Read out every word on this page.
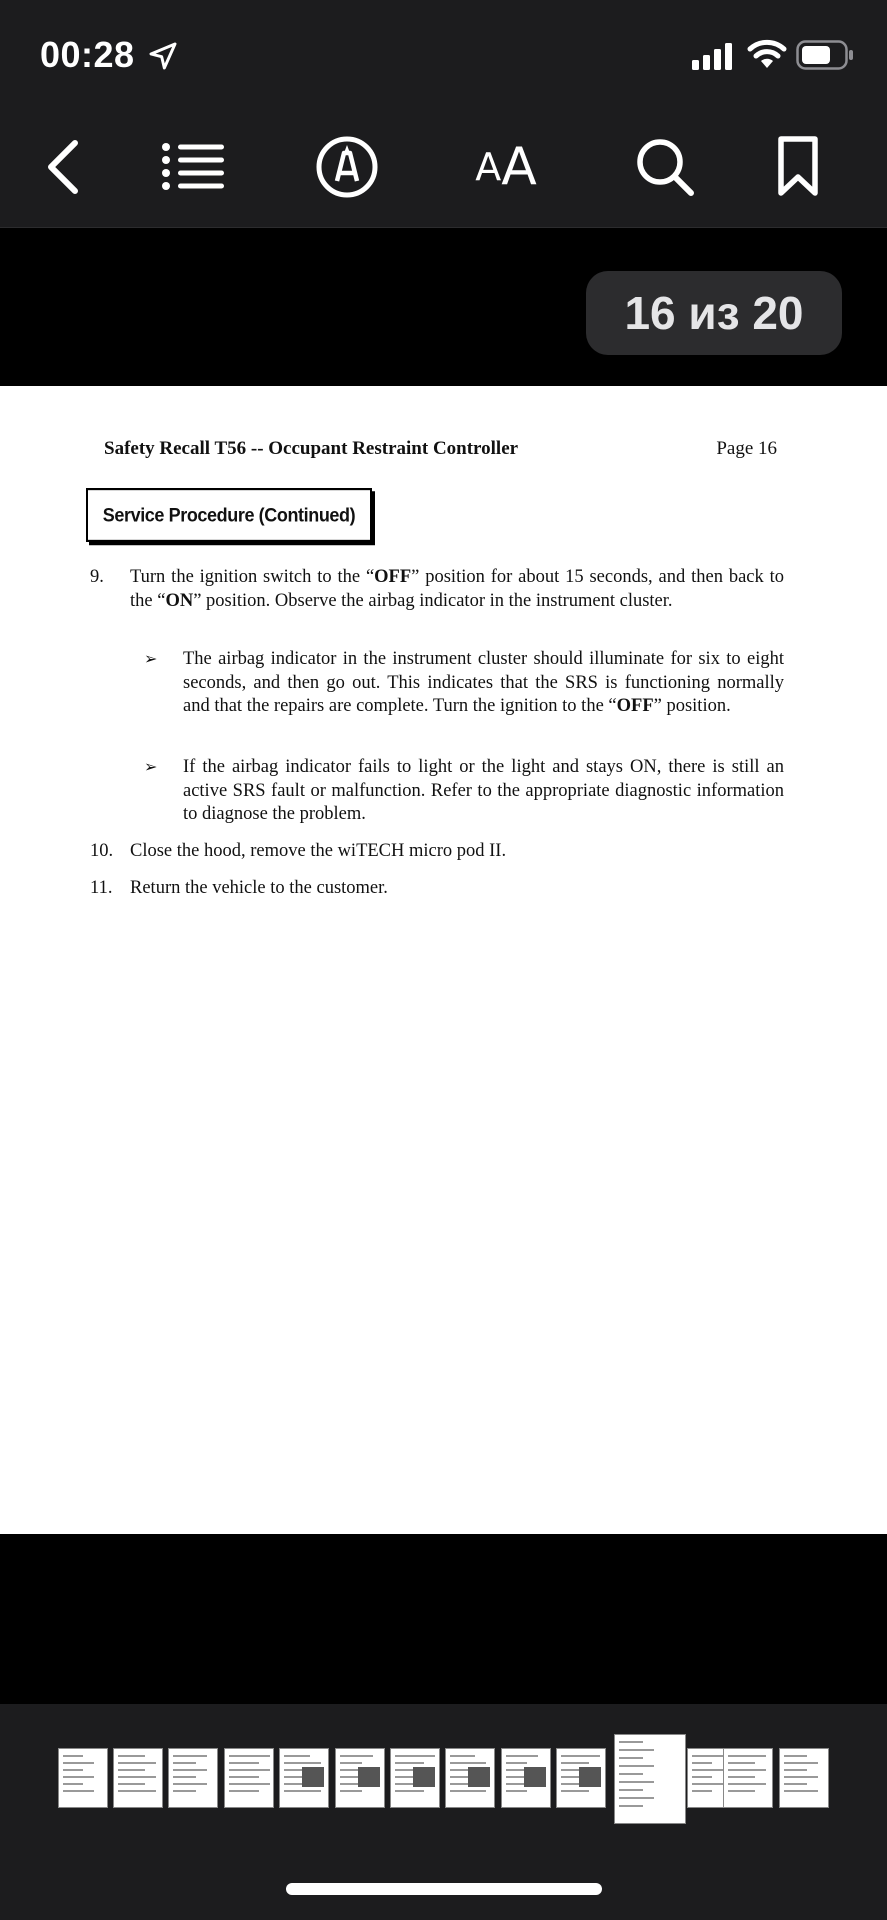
00:28
A A
16 из 20
Safety Recall T56 -- Occupant Restraint Controller	Page 16
Service Procedure (Continued)
9.	Turn the ignition switch to the “OFF” position for about 15 seconds, and then back to the “ON” position. Observe the airbag indicator in the instrument cluster.
➢ The airbag indicator in the instrument cluster should illuminate for six to eight seconds, and then go out. This indicates that the SRS is functioning normally and that the repairs are complete. Turn the ignition to the “OFF” position.
➢ If the airbag indicator fails to light or the light and stays ON, there is still an active SRS fault or malfunction. Refer to the appropriate diagnostic information to diagnose the problem.
10. Close the hood, remove the wiTECH micro pod II.
11. Return the vehicle to the customer.
